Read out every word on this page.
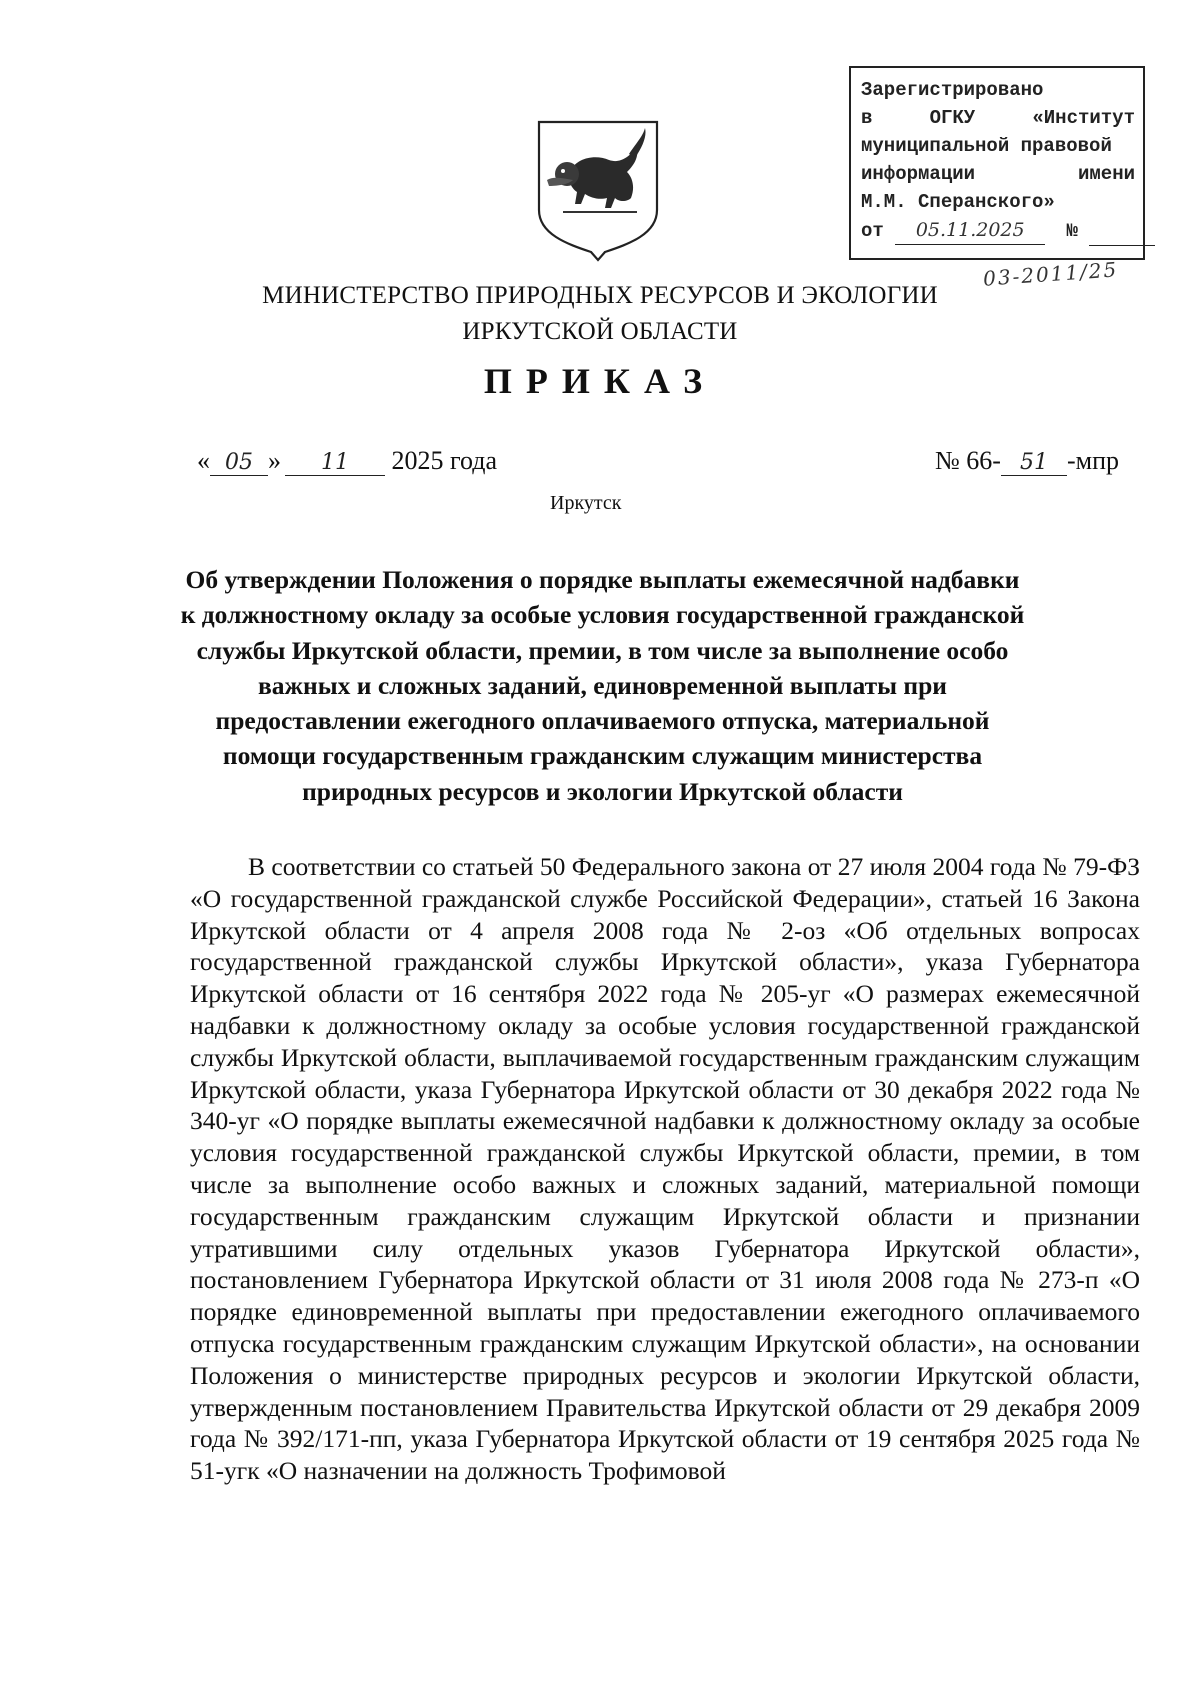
Зарегистрировано
в	ОГКУ	«Институт
муниципальной правовой
информации	имени
М.М. Сперанского»
от 05.11.2025 №
03-2011/25
МИНИСТЕРСТВО ПРИРОДНЫХ РЕСУРСОВ И ЭКОЛОГИИ
ИРКУТСКОЙ ОБЛАСТИ
ПРИКАЗ
« 05 » 11 2025 года	№ 66- 51 -мпр
Иркутск
Об утверждении Положения о порядке выплаты ежемесячной надбавки к должностному окладу за особые условия государственной гражданской службы Иркутской области, премии, в том числе за выполнение особо важных и сложных заданий, единовременной выплаты при предоставлении ежегодного оплачиваемого отпуска, материальной помощи государственным гражданским служащим министерства природных ресурсов и экологии Иркутской области

В соответствии со статьей 50 Федерального закона от 27 июля 2004 года № 79-ФЗ «О государственной гражданской службе Российской Федерации», статьей 16 Закона Иркутской области от 4 апреля 2008 года № 2-оз «Об отдельных вопросах государственной гражданской службы Иркутской области», указа Губернатора Иркутской области от 16 сентября 2022 года № 205-уг «О размерах ежемесячной надбавки к должностному окладу за особые условия государственной гражданской службы Иркутской области, выплачиваемой государственным гражданским служащим Иркутской области, указа Губернатора Иркутской области от 30 декабря 2022 года № 340-уг «О порядке выплаты ежемесячной надбавки к должностному окладу за особые условия государственной гражданской службы Иркутской области, премии, в том числе за выполнение особо важных и сложных заданий, материальной помощи государственным гражданским служащим Иркутской области и признании утратившими силу отдельных указов Губернатора Иркутской области», постановлением Губернатора Иркутской области от 31 июля 2008 года № 273-п «О порядке единовременной выплаты при предоставлении ежегодного оплачиваемого отпуска государственным гражданским служащим Иркутской области», на основании Положения о министерстве природных ресурсов и экологии Иркутской области, утвержденным постановлением Правительства Иркутской области от 29 декабря 2009 года № 392/171-пп, указа Губернатора Иркутской области от 19 сентября 2025 года № 51-угк «О назначении на должность Трофимовой
